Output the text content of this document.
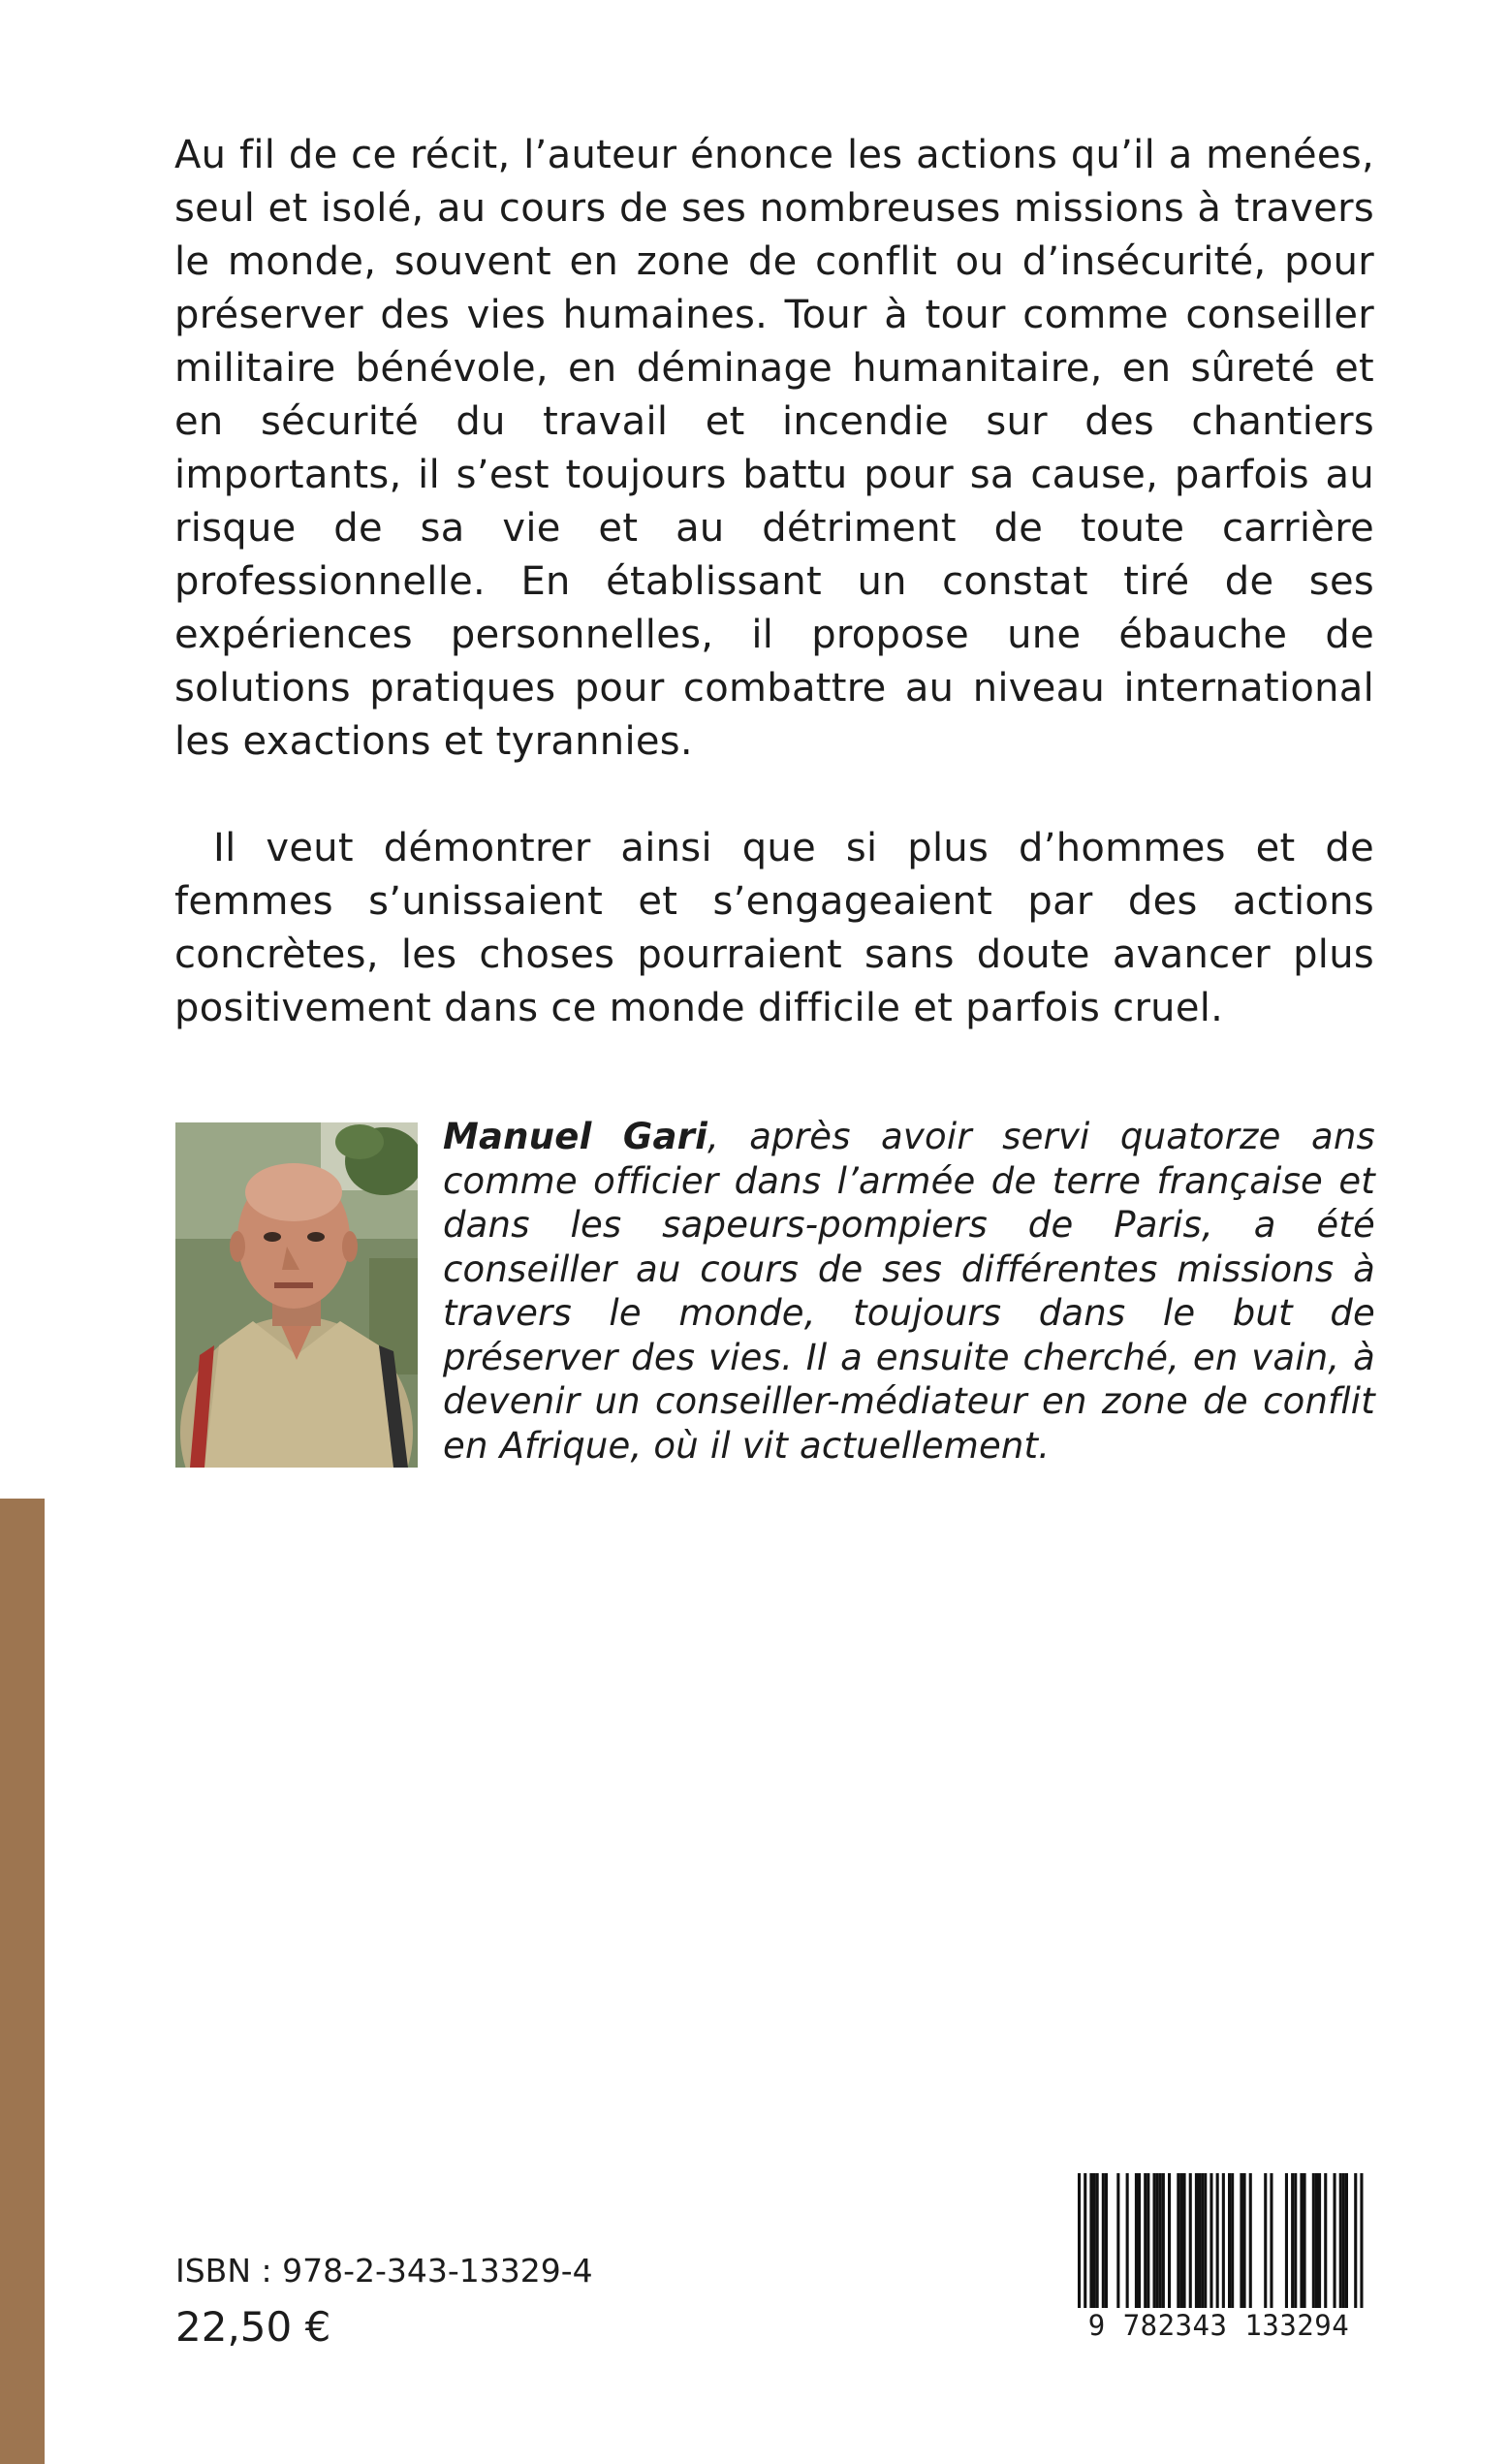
Au fil de ce récit, l’auteur énonce les actions qu’il a menées, seul et isolé, au cours de ses nombreuses missions à travers le monde, souvent en zone de conflit ou d’insécurité, pour préserver des vies humaines. Tour à tour comme conseiller militaire bénévole, en déminage humanitaire, en sûreté et en sécurité du travail et incendie sur des chantiers importants, il s’est toujours battu pour sa cause, parfois au risque de sa vie et au détriment de toute carrière professionnelle. En établissant un constat tiré de ses expériences personnelles, il propose une ébauche de solutions pratiques pour combattre au niveau international les exactions et tyrannies.

Il veut démontrer ainsi que si plus d’hommes et de femmes s’unissaient et s’engageaient par des actions concrètes, les choses pourraient sans doute avancer plus positivement dans ce monde difficile et parfois cruel.

Manuel Gari, après avoir servi quatorze ans comme officier dans l’armée de terre française et dans les sapeurs-pompiers de Paris, a été conseiller au cours de ses différentes missions à travers le monde, toujours dans le but de préserver des vies. Il a ensuite cherché, en vain, à devenir un conseiller-médiateur en zone de conflit en Afrique, où il vit actuellement.

ISBN : 978-2-343-13329-4

22,50 €	9 782343 133294
